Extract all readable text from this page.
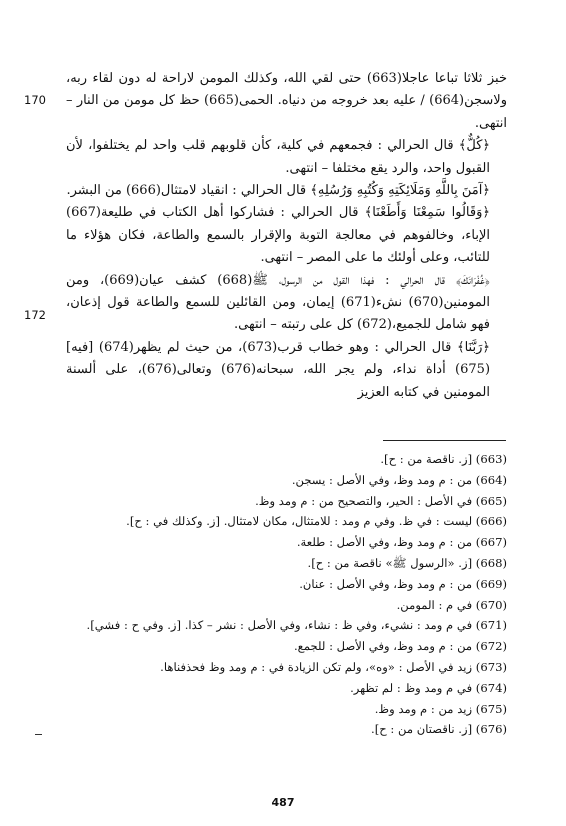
خبز ثلاثا تباعا عاجلا(663) حتى لقي الله، وكذلك المومن لاراحة له دون لقاء ربه، ولاسجن(664) / عليه بعد خروجه من دنياه. الحمى(665) حظ كل مومن من النار – انتهى.

﴿كُلٌّ﴾ قال الحرالي : فجمعهم في كلية، كأن قلوبهم قلب واحد لم يختلفوا، لأن القبول واحد، والرد يقع مختلفا – انتهى.

﴿آمَنَ بِاللَّهِ وَمَلَائِكَتِهِ وَكُتُبِهِ وَرُسُلِهِ﴾ قال الحرالي : انقياد لامتثال(666) من البشر.

﴿وَقَالُوا سَمِعْنَا وَأَطَعْنَا﴾ قال الحرالي : فشاركوا أهل الكتاب في طليعة(667) الإباء، وخالفوهم في معالجة التوبة والإقرار بالسمع والطاعة، فكان هؤلاء ما للتائب، وعلى أولئك ما على المصر – انتهى.

﴿غُفْرَانَكَ﴾ قال الحرالي : فهذا القول من الرسول، ﷺ(668) كشف عيان(669)، ومن المومنين(670) نشء(671) إيمان، ومن القائلين للسمع والطاعة قول إذعان، فهو شامل للجميع،(672) كل على رتبته – انتهى.

﴿رَبَّنَا﴾ قال الحرالي : وهو خطاب قرب(673)، من حيث لم يظهر(674) [فيه](675) أداة نداء، ولم يجر الله، سبحانه(676) وتعالى(676)، على ألسنة المومنين في كتابه العزيز

170
172
(663) [ز. ناقصة من : ح].
(664) من : م ومد وظ، وفي الأصل : يسجن.
(665) في الأصل : الحير، والتصحيح من : م ومد وظ.
(666) ليست : في ظ. وفي م ومد : للامتثال، مكان لامتثال. [ز. وكذلك في : ح].
(667) من : م ومد وظ، وفي الأصل : طلعة.
(668) [ز. «الرسول ﷺ» ناقصة من : ح].
(669) من : م ومد وظ، وفي الأصل : عنان.
(670) في م : المومن.
(671) في م ومد : نشيء، وفي ظ : نشاء، وفي الأصل : نشر – كذا. [ز. وفي ح : فشي].
(672) من : م ومد وظ، وفي الأصل : للجمع.
(673) زيد في الأصل : «وه»، ولم تكن الزيادة في : م ومد وظ فحذفناها.
(674) في م ومد وظ : لم تظهر.
(675) زيد من : م ومد وظ.
(676) [ز. ناقصتان من : ح].
487
